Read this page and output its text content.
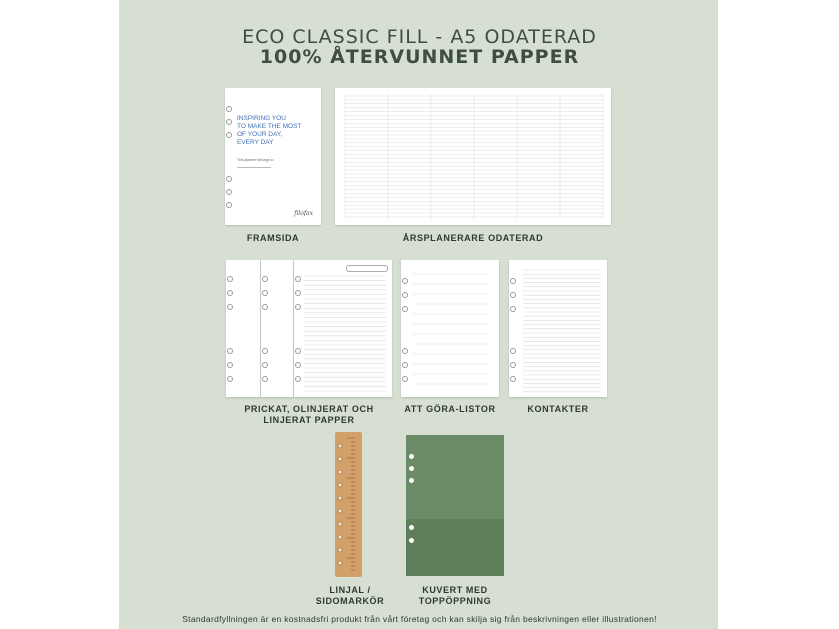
ECO CLASSIC FILL - A5 ODATERAD
100% ÅTERVUNNET PAPPER
INSPIRING YOU
TO MAKE THE MOST
OF YOUR DAY,
EVERY DAY
This planner belongs to
filofax
FRAMSIDA	ÅRSPLANERARE ODATERAD
PRICKAT, OLINJERAT OCH
LINJERAT PAPPER
ATT GÖRA-LISTOR	KONTAKTER
LINJAL /
SIDOMARKÖR
KUVERT MED
TOPPÖPPNING
Standardfyllningen är en kostnadsfri produkt från vårt företag och kan skilja sig från beskrivningen eller illustrationen!
